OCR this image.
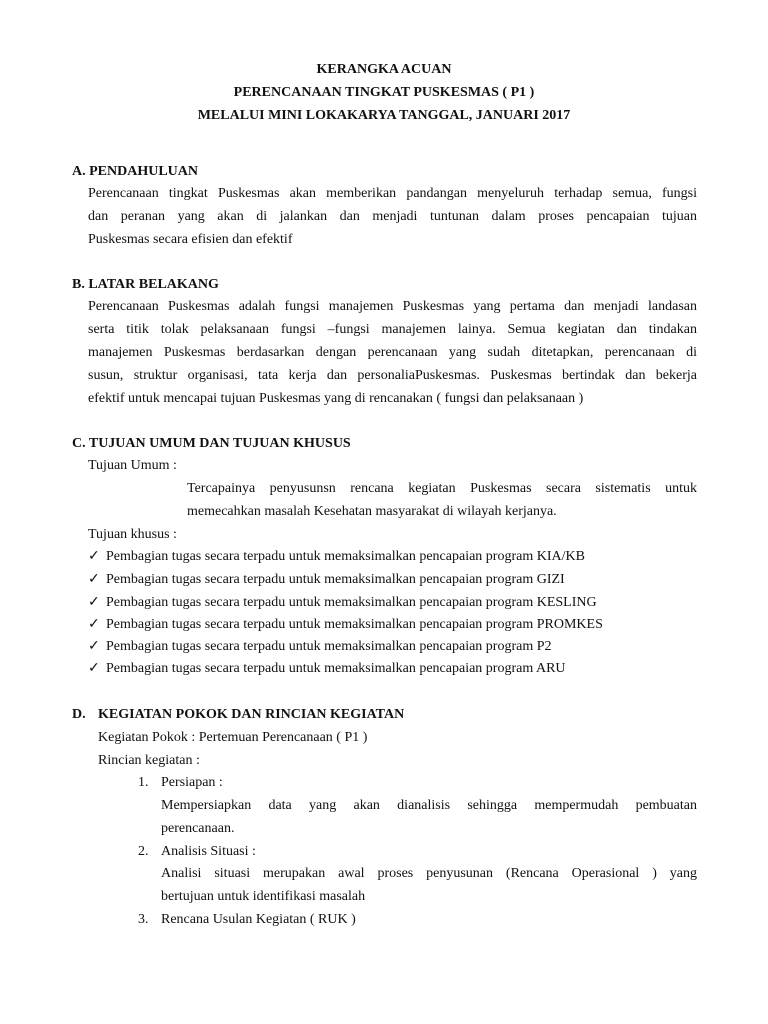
KERANGKA ACUAN
PERENCANAAN TINGKAT PUSKESMAS ( P1 )
MELALUI MINI LOKAKARYA TANGGAL, JANUARI 2017
A. PENDAHULUAN
Perencanaan tingkat Puskesmas akan memberikan pandangan menyeluruh terhadap semua, fungsi
dan peranan yang akan di jalankan dan menjadi tuntunan dalam proses pencapaian tujuan
Puskesmas secara efisien dan efektif
B. LATAR BELAKANG
Perencanaan Puskesmas adalah fungsi manajemen Puskesmas yang pertama dan menjadi landasan
serta titik tolak pelaksanaan fungsi –fungsi manajemen lainya. Semua kegiatan dan tindakan
manajemen Puskesmas berdasarkan dengan perencanaan yang sudah ditetapkan, perencanaan di
susun, struktur organisasi, tata kerja dan personaliaPuskesmas. Puskesmas bertindak dan bekerja
efektif untuk mencapai tujuan Puskesmas yang di rencanakan ( fungsi dan pelaksanaan )
C. TUJUAN UMUM DAN TUJUAN KHUSUS
Tujuan Umum :
Tercapainya penyusunsn rencana kegiatan Puskesmas secara sistematis untuk
memecahkan masalah Kesehatan masyarakat di wilayah kerjanya.
Tujuan khusus :
✓ Pembagian tugas secara terpadu untuk memaksimalkan pencapaian program KIA/KB
✓ Pembagian tugas secara terpadu untuk memaksimalkan pencapaian program GIZI
✓ Pembagian tugas secara terpadu untuk memaksimalkan pencapaian program KESLING
✓ Pembagian tugas secara terpadu untuk memaksimalkan pencapaian program PROMKES
✓ Pembagian tugas secara terpadu untuk memaksimalkan pencapaian program P2
✓ Pembagian tugas secara terpadu untuk memaksimalkan pencapaian program ARU
D. KEGIATAN POKOK DAN RINCIAN KEGIATAN
Kegiatan Pokok : Pertemuan Perencanaan ( P1 )
Rincian kegiatan :
1. Persiapan :
Mempersiapkan data yang akan dianalisis sehingga mempermudah pembuatan
perencanaan.
2. Analisis Situasi :
Analisi situasi merupakan awal proses penyusunan (Rencana Operasional ) yang
bertujuan untuk identifikasi masalah
3. Rencana Usulan Kegiatan ( RUK )
